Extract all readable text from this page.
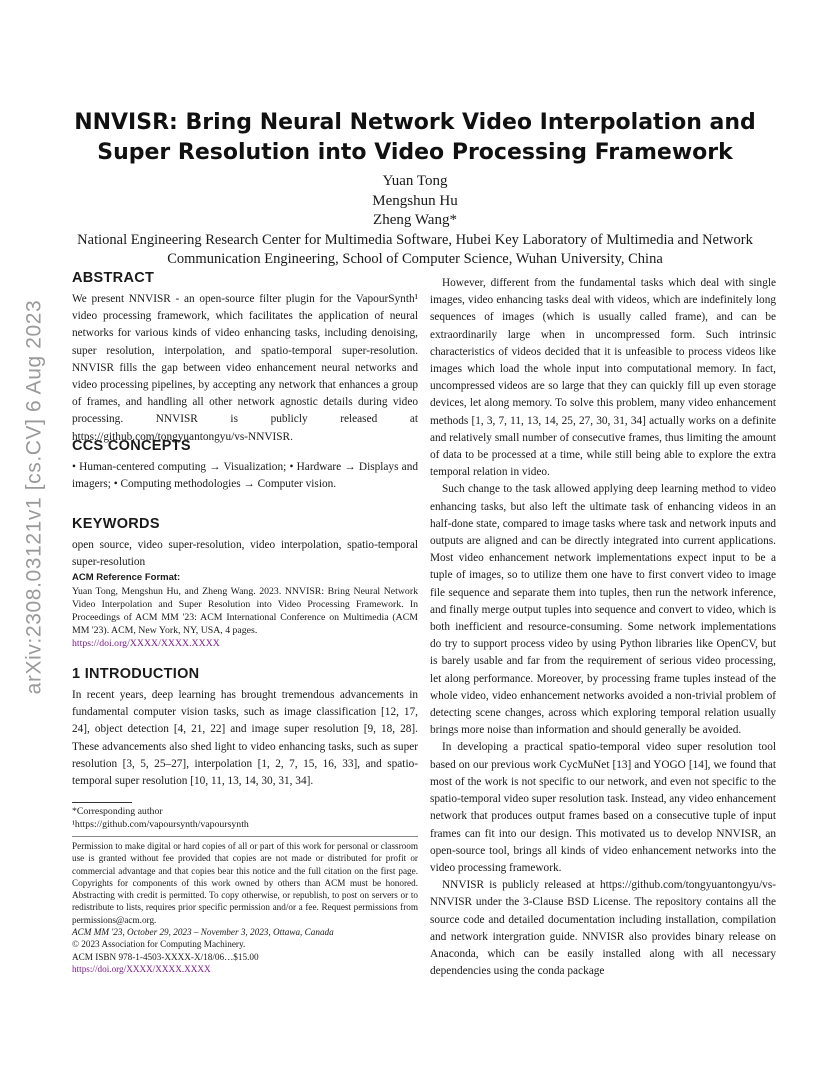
arXiv:2308.03121v1 [cs.CV] 6 Aug 2023
NNVISR: Bring Neural Network Video Interpolation and Super Resolution into Video Processing Framework
Yuan Tong
Mengshun Hu
Zheng Wang*
National Engineering Research Center for Multimedia Software, Hubei Key Laboratory of Multimedia and Network Communication Engineering, School of Computer Science, Wuhan University, China
ABSTRACT

We present NNVISR - an open-source filter plugin for the VapourSynth¹ video processing framework, which facilitates the application of neural networks for various kinds of video enhancing tasks, including denoising, super resolution, interpolation, and spatio-temporal super-resolution. NNVISR fills the gap between video enhancement neural networks and video processing pipelines, by accepting any network that enhances a group of frames, and handling all other network agnostic details during video processing. NNVISR is publicly released at https://github.com/tongyuantongyu/vs-NNVISR.

CCS CONCEPTS

• Human-centered computing → Visualization; • Hardware → Displays and imagers; • Computing methodologies → Computer vision.

KEYWORDS

open source, video super-resolution, video interpolation, spatio-temporal super-resolution

ACM Reference Format:

Yuan Tong, Mengshun Hu, and Zheng Wang. 2023. NNVISR: Bring Neural Network Video Interpolation and Super Resolution into Video Processing Framework. In Proceedings of ACM MM '23: ACM International Conference on Multimedia (ACM MM '23). ACM, New York, NY, USA, 4 pages.

https://doi.org/XXXX/XXXX.XXXX

1 INTRODUCTION

In recent years, deep learning has brought tremendous advancements in fundamental computer vision tasks, such as image classification [12, 17, 24], object detection [4, 21, 22] and image super resolution [9, 18, 28]. These advancements also shed light to video enhancing tasks, such as super resolution [3, 5, 25–27], interpolation [1, 2, 7, 15, 16, 33], and spatio-temporal super resolution [10, 11, 13, 14, 30, 31, 34].

*Corresponding author

¹https://github.com/vapoursynth/vapoursynth

Permission to make digital or hard copies of all or part of this work for personal or classroom use is granted without fee provided that copies are not made or distributed for profit or commercial advantage and that copies bear this notice and the full citation on the first page. Copyrights for components of this work owned by others than ACM must be honored. Abstracting with credit is permitted. To copy otherwise, or republish, to post on servers or to redistribute to lists, requires prior specific permission and/or a fee. Request permissions from permissions@acm.org.

ACM MM '23, October 29, 2023 – November 3, 2023, Ottawa, Canada

© 2023 Association for Computing Machinery.

ACM ISBN 978-1-4503-XXXX-X/18/06…$15.00

https://doi.org/XXXX/XXXX.XXXX

However, different from the fundamental tasks which deal with single images, video enhancing tasks deal with videos, which are indefinitely long sequences of images (which is usually called frame), and can be extraordinarily large when in uncompressed form. Such intrinsic characteristics of videos decided that it is unfeasible to process videos like images which load the whole input into computational memory. In fact, uncompressed videos are so large that they can quickly fill up even storage devices, let along memory. To solve this problem, many video enhancement methods [1, 3, 7, 11, 13, 14, 25, 27, 30, 31, 34] actually works on a definite and relatively small number of consecutive frames, thus limiting the amount of data to be processed at a time, while still being able to explore the extra temporal relation in video.

Such change to the task allowed applying deep learning method to video enhancing tasks, but also left the ultimate task of enhancing videos in an half-done state, compared to image tasks where task and network inputs and outputs are aligned and can be directly integrated into current applications. Most video enhancement network implementations expect input to be a tuple of images, so to utilize them one have to first convert video to image file sequence and separate them into tuples, then run the network inference, and finally merge output tuples into sequence and convert to video, which is both inefficient and resource-consuming. Some network implementations do try to support process video by using Python libraries like OpenCV, but is barely usable and far from the requirement of serious video processing, let along performance. Moreover, by processing frame tuples instead of the whole video, video enhancement networks avoided a non-trivial problem of detecting scene changes, across which exploring temporal relation usually brings more noise than information and should generally be avoided.

In developing a practical spatio-temporal video super resolution tool based on our previous work CycMuNet [13] and YOGO [14], we found that most of the work is not specific to our network, and even not specific to the spatio-temporal video super resolution task. Instead, any video enhancement network that produces output frames based on a consecutive tuple of input frames can fit into our design. This motivated us to develop NNVISR, an open-source tool, brings all kinds of video enhancement networks into the video processing framework.

NNVISR is publicly released at https://github.com/tongyuantongyu/vs-NNVISR under the 3-Clause BSD License. The repository contains all the source code and detailed documentation including installation, compilation and network intergration guide. NNVISR also provides binary release on Anaconda, which can be easily installed along with all necessary dependencies using the conda package
